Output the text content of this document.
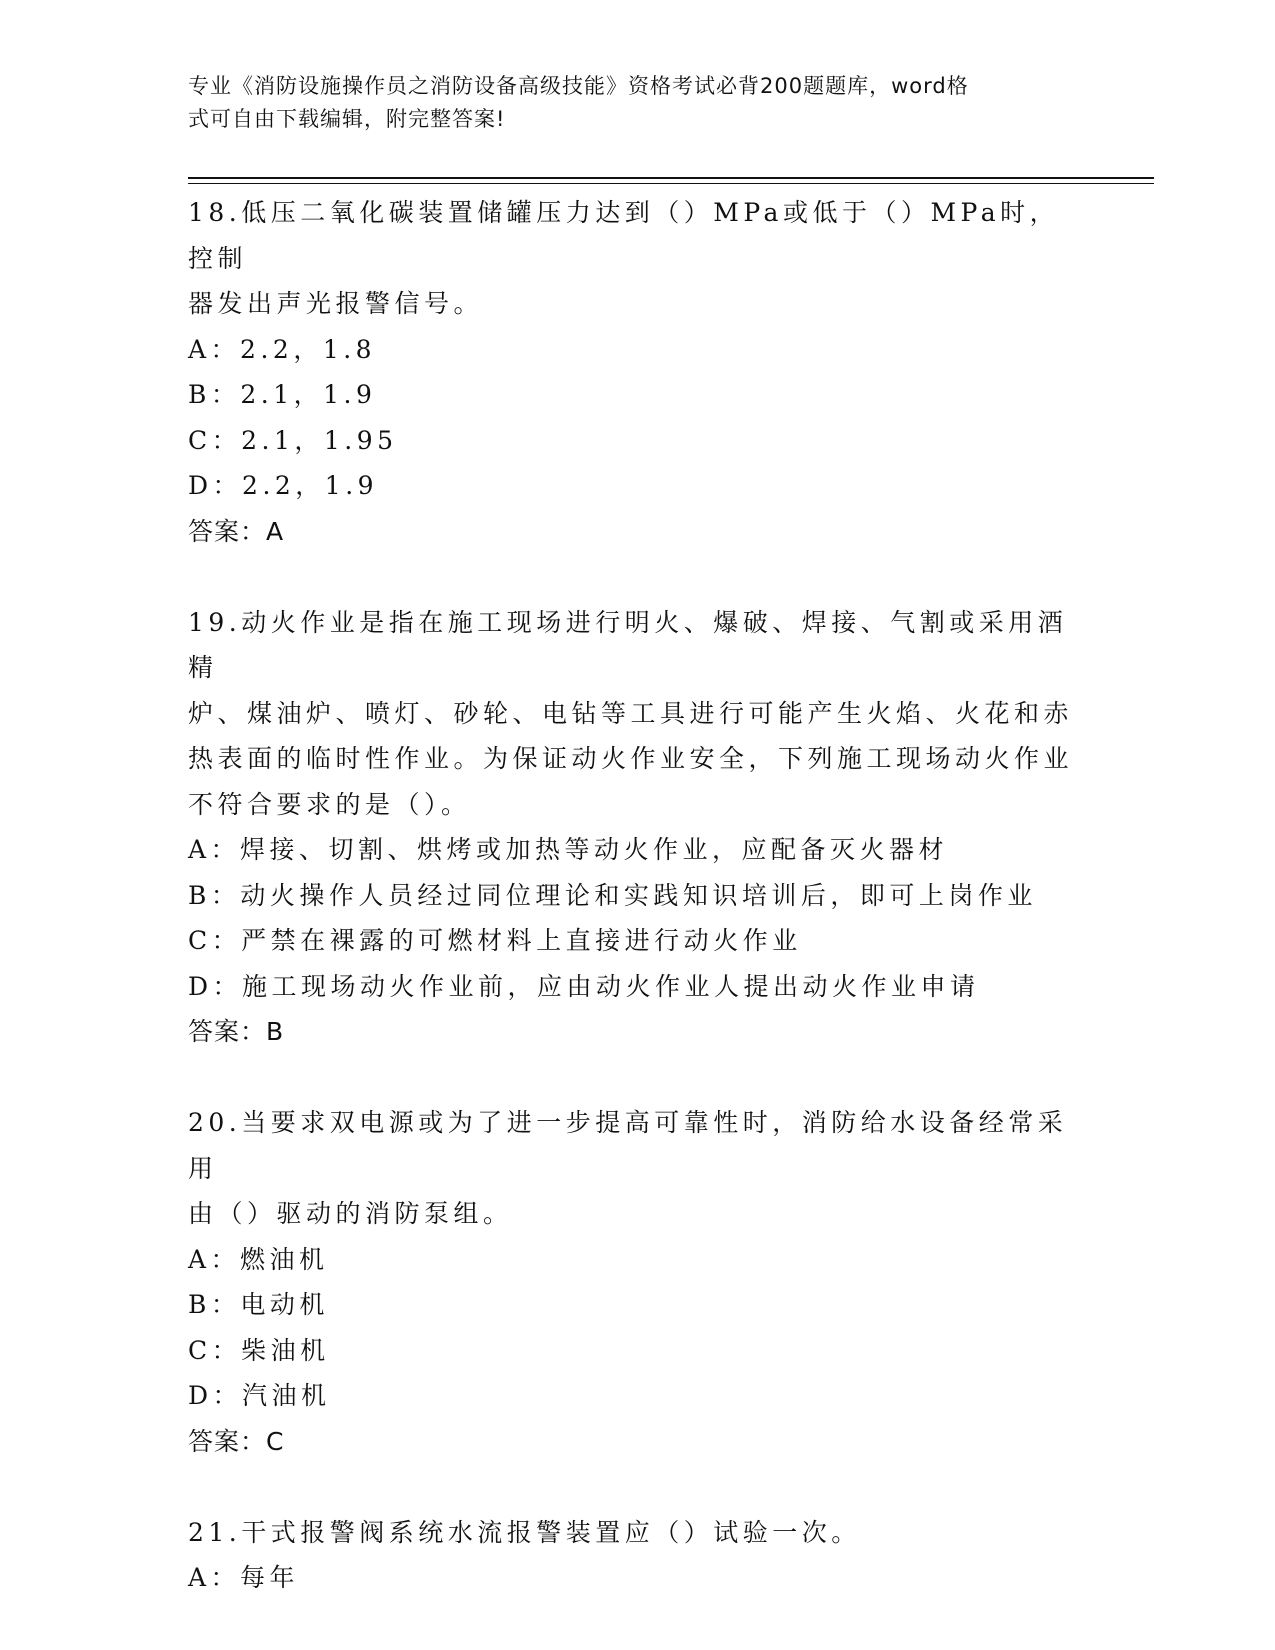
专业《消防设施操作员之消防设备高级技能》资格考试必背200题题库，word格
式可自由下载编辑，附完整答案!

18.低压二氧化碳装置储罐压力达到（）MPa或低于（）MPa时，控制

器发出声光报警信号。

A：2.2，1.8

B：2.1，1.9

C：2.1，1.95

D：2.2，1.9

答案：A

19.动火作业是指在施工现场进行明火、爆破、焊接、气割或采用酒精

炉、煤油炉、喷灯、砂轮、电钻等工具进行可能产生火焰、火花和赤

热表面的临时性作业。为保证动火作业安全，下列施工现场动火作业

不符合要求的是（）。

A：焊接、切割、烘烤或加热等动火作业，应配备灭火器材

B：动火操作人员经过同位理论和实践知识培训后，即可上岗作业

C：严禁在裸露的可燃材料上直接进行动火作业

D：施工现场动火作业前，应由动火作业人提出动火作业申请

答案：B

20.当要求双电源或为了进一步提高可靠性时，消防给水设备经常采用

由（）驱动的消防泵组。

A：燃油机

B：电动机

C：柴油机

D：汽油机

答案：C

21.干式报警阀系统水流报警装置应（）试验一次。

A：每年
